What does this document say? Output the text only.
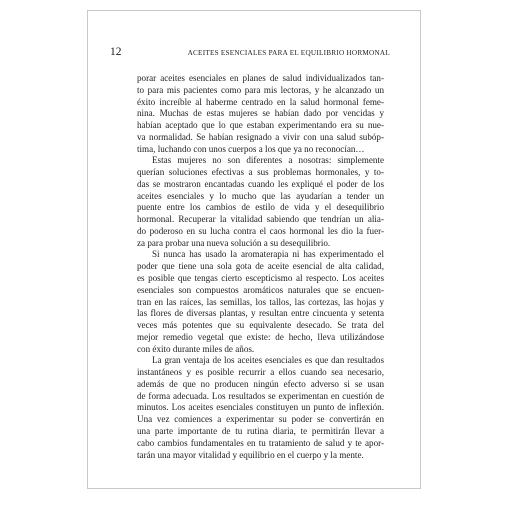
12	ACEITES ESENCIALES PARA EL EQUILIBRIO HORMONAL
porar aceites esenciales en planes de salud individualizados tan-
to para mis pacientes como para mis lectoras, y he alcanzado un
éxito increíble al haberme centrado en la salud hormonal feme-
nina. Muchas de estas mujeres se habían dado por vencidas y
habían aceptado que lo que estaban experimentando era su nue-
va normalidad. Se habían resignado a vivir con una salud subóp-
tima, luchando con unos cuerpos a los que ya no reconocían…
Estas mujeres no son diferentes a nosotras: simplemente
querían soluciones efectivas a sus problemas hormonales, y to-
das se mostraron encantadas cuando les expliqué el poder de los
aceites esenciales y lo mucho que las ayudarían a tender un
puente entre los cambios de estilo de vida y el desequilibrio
hormonal. Recuperar la vitalidad sabiendo que tendrían un alia-
do poderoso en su lucha contra el caos hormonal les dio la fuer-
za para probar una nueva solución a su desequilibrio.
Si nunca has usado la aromaterapia ni has experimentado el
poder que tiene una sola gota de aceite esencial de alta calidad,
es posible que tengas cierto escepticismo al respecto. Los aceites
esenciales son compuestos aromáticos naturales que se encuen-
tran en las raíces, las semillas, los tallos, las cortezas, las hojas y
las flores de diversas plantas, y resultan entre cincuenta y setenta
veces más potentes que su equivalente desecado. Se trata del
mejor remedio vegetal que existe: de hecho, lleva utilizándose
con éxito durante miles de años.
La gran ventaja de los aceites esenciales es que dan resultados
instantáneos y es posible recurrir a ellos cuando sea necesario,
además de que no producen ningún efecto adverso si se usan
de forma adecuada. Los resultados se experimentan en cuestión de
minutos. Los aceites esenciales constituyen un punto de inflexión.
Una vez comiences a experimentar su poder se convertirán en
una parte importante de tu rutina diaria, te permitirán llevar a
cabo cambios fundamentales en tu tratamiento de salud y te apor-
tarán una mayor vitalidad y equilibrio en el cuerpo y la mente.
